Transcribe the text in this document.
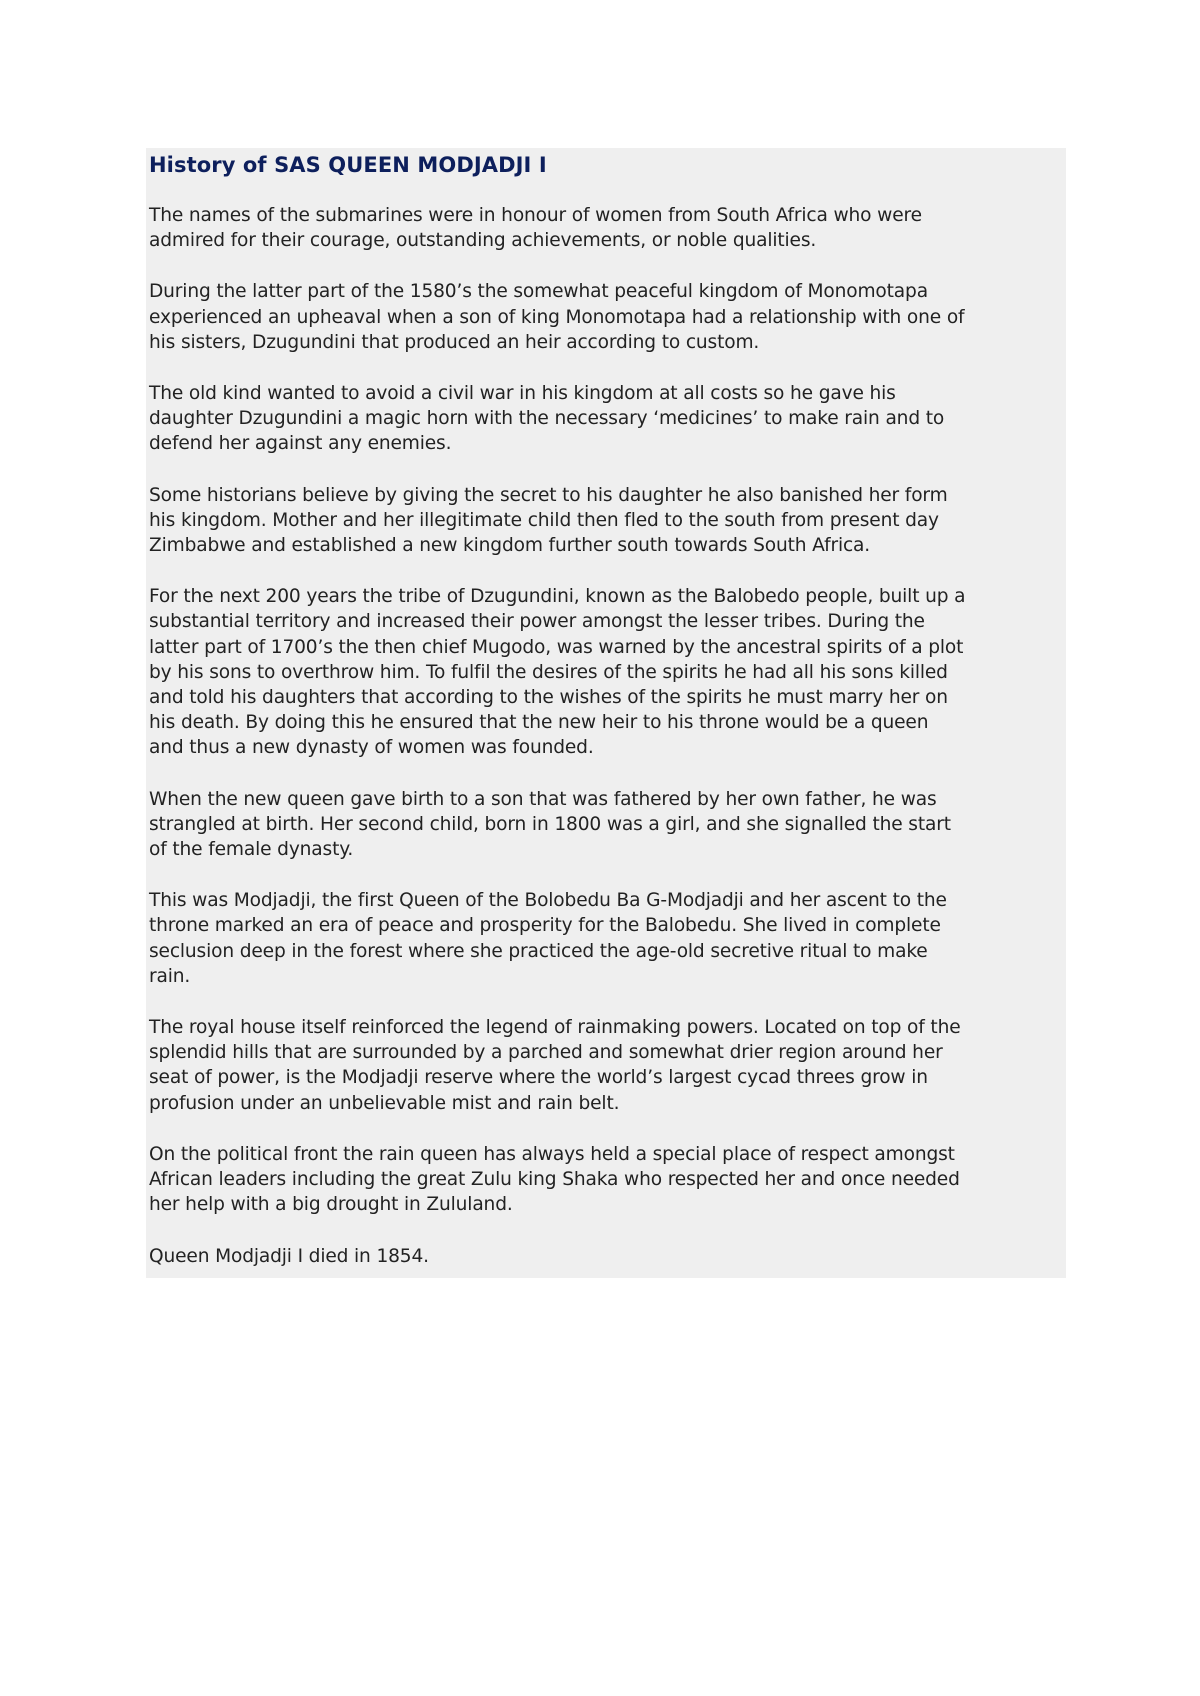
History of SAS QUEEN MODJADJI I

The names of the submarines were in honour of women from South Africa who were
admired for their courage, outstanding achievements, or noble qualities.

During the latter part of the 1580’s the somewhat peaceful kingdom of Monomotapa
experienced an upheaval when a son of king Monomotapa had a relationship with one of
his sisters, Dzugundini that produced an heir according to custom.

The old kind wanted to avoid a civil war in his kingdom at all costs so he gave his
daughter Dzugundini a magic horn with the necessary ‘medicines’ to make rain and to
defend her against any enemies.

Some historians believe by giving the secret to his daughter he also banished her form
his kingdom. Mother and her illegitimate child then fled to the south from present day
Zimbabwe and established a new kingdom further south towards South Africa.

For the next 200 years the tribe of Dzugundini, known as the Balobedo people, built up a
substantial territory and increased their power amongst the lesser tribes. During the
latter part of 1700’s the then chief Mugodo, was warned by the ancestral spirits of a plot
by his sons to overthrow him. To fulfil the desires of the spirits he had all his sons killed
and told his daughters that according to the wishes of the spirits he must marry her on
his death. By doing this he ensured that the new heir to his throne would be a queen
and thus a new dynasty of women was founded.

When the new queen gave birth to a son that was fathered by her own father, he was
strangled at birth. Her second child, born in 1800 was a girl, and she signalled the start
of the female dynasty.

This was Modjadji, the first Queen of the Bolobedu Ba G-Modjadji and her ascent to the
throne marked an era of peace and prosperity for the Balobedu. She lived in complete
seclusion deep in the forest where she practiced the age-old secretive ritual to make
rain.

The royal house itself reinforced the legend of rainmaking powers. Located on top of the
splendid hills that are surrounded by a parched and somewhat drier region around her
seat of power, is the Modjadji reserve where the world’s largest cycad threes grow in
profusion under an unbelievable mist and rain belt.

On the political front the rain queen has always held a special place of respect amongst
African leaders including the great Zulu king Shaka who respected her and once needed
her help with a big drought in Zululand.

Queen Modjadji I died in 1854.
